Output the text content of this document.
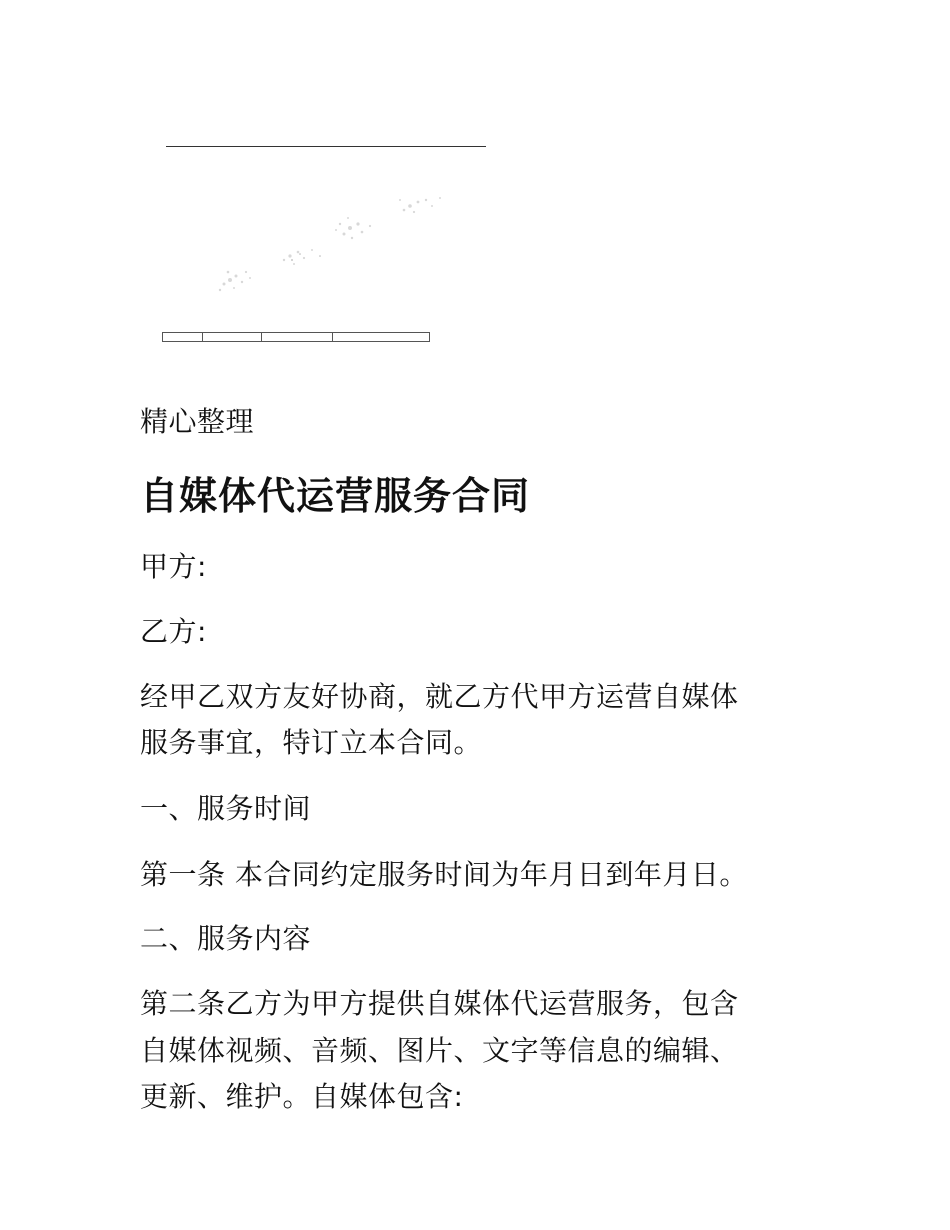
精心整理

自媒体代运营服务合同

甲方:

乙方:

经甲乙双方友好协商，就乙方代甲方运营自媒体

服务事宜，特订立本合同。

一、服务时间

第一条 本合同约定服务时间为年月日到年月日。

二、服务内容

第二条乙方为甲方提供自媒体代运营服务，包含

自媒体视频、音频、图片、文字等信息的编辑、

更新、维护。自媒体包含:
